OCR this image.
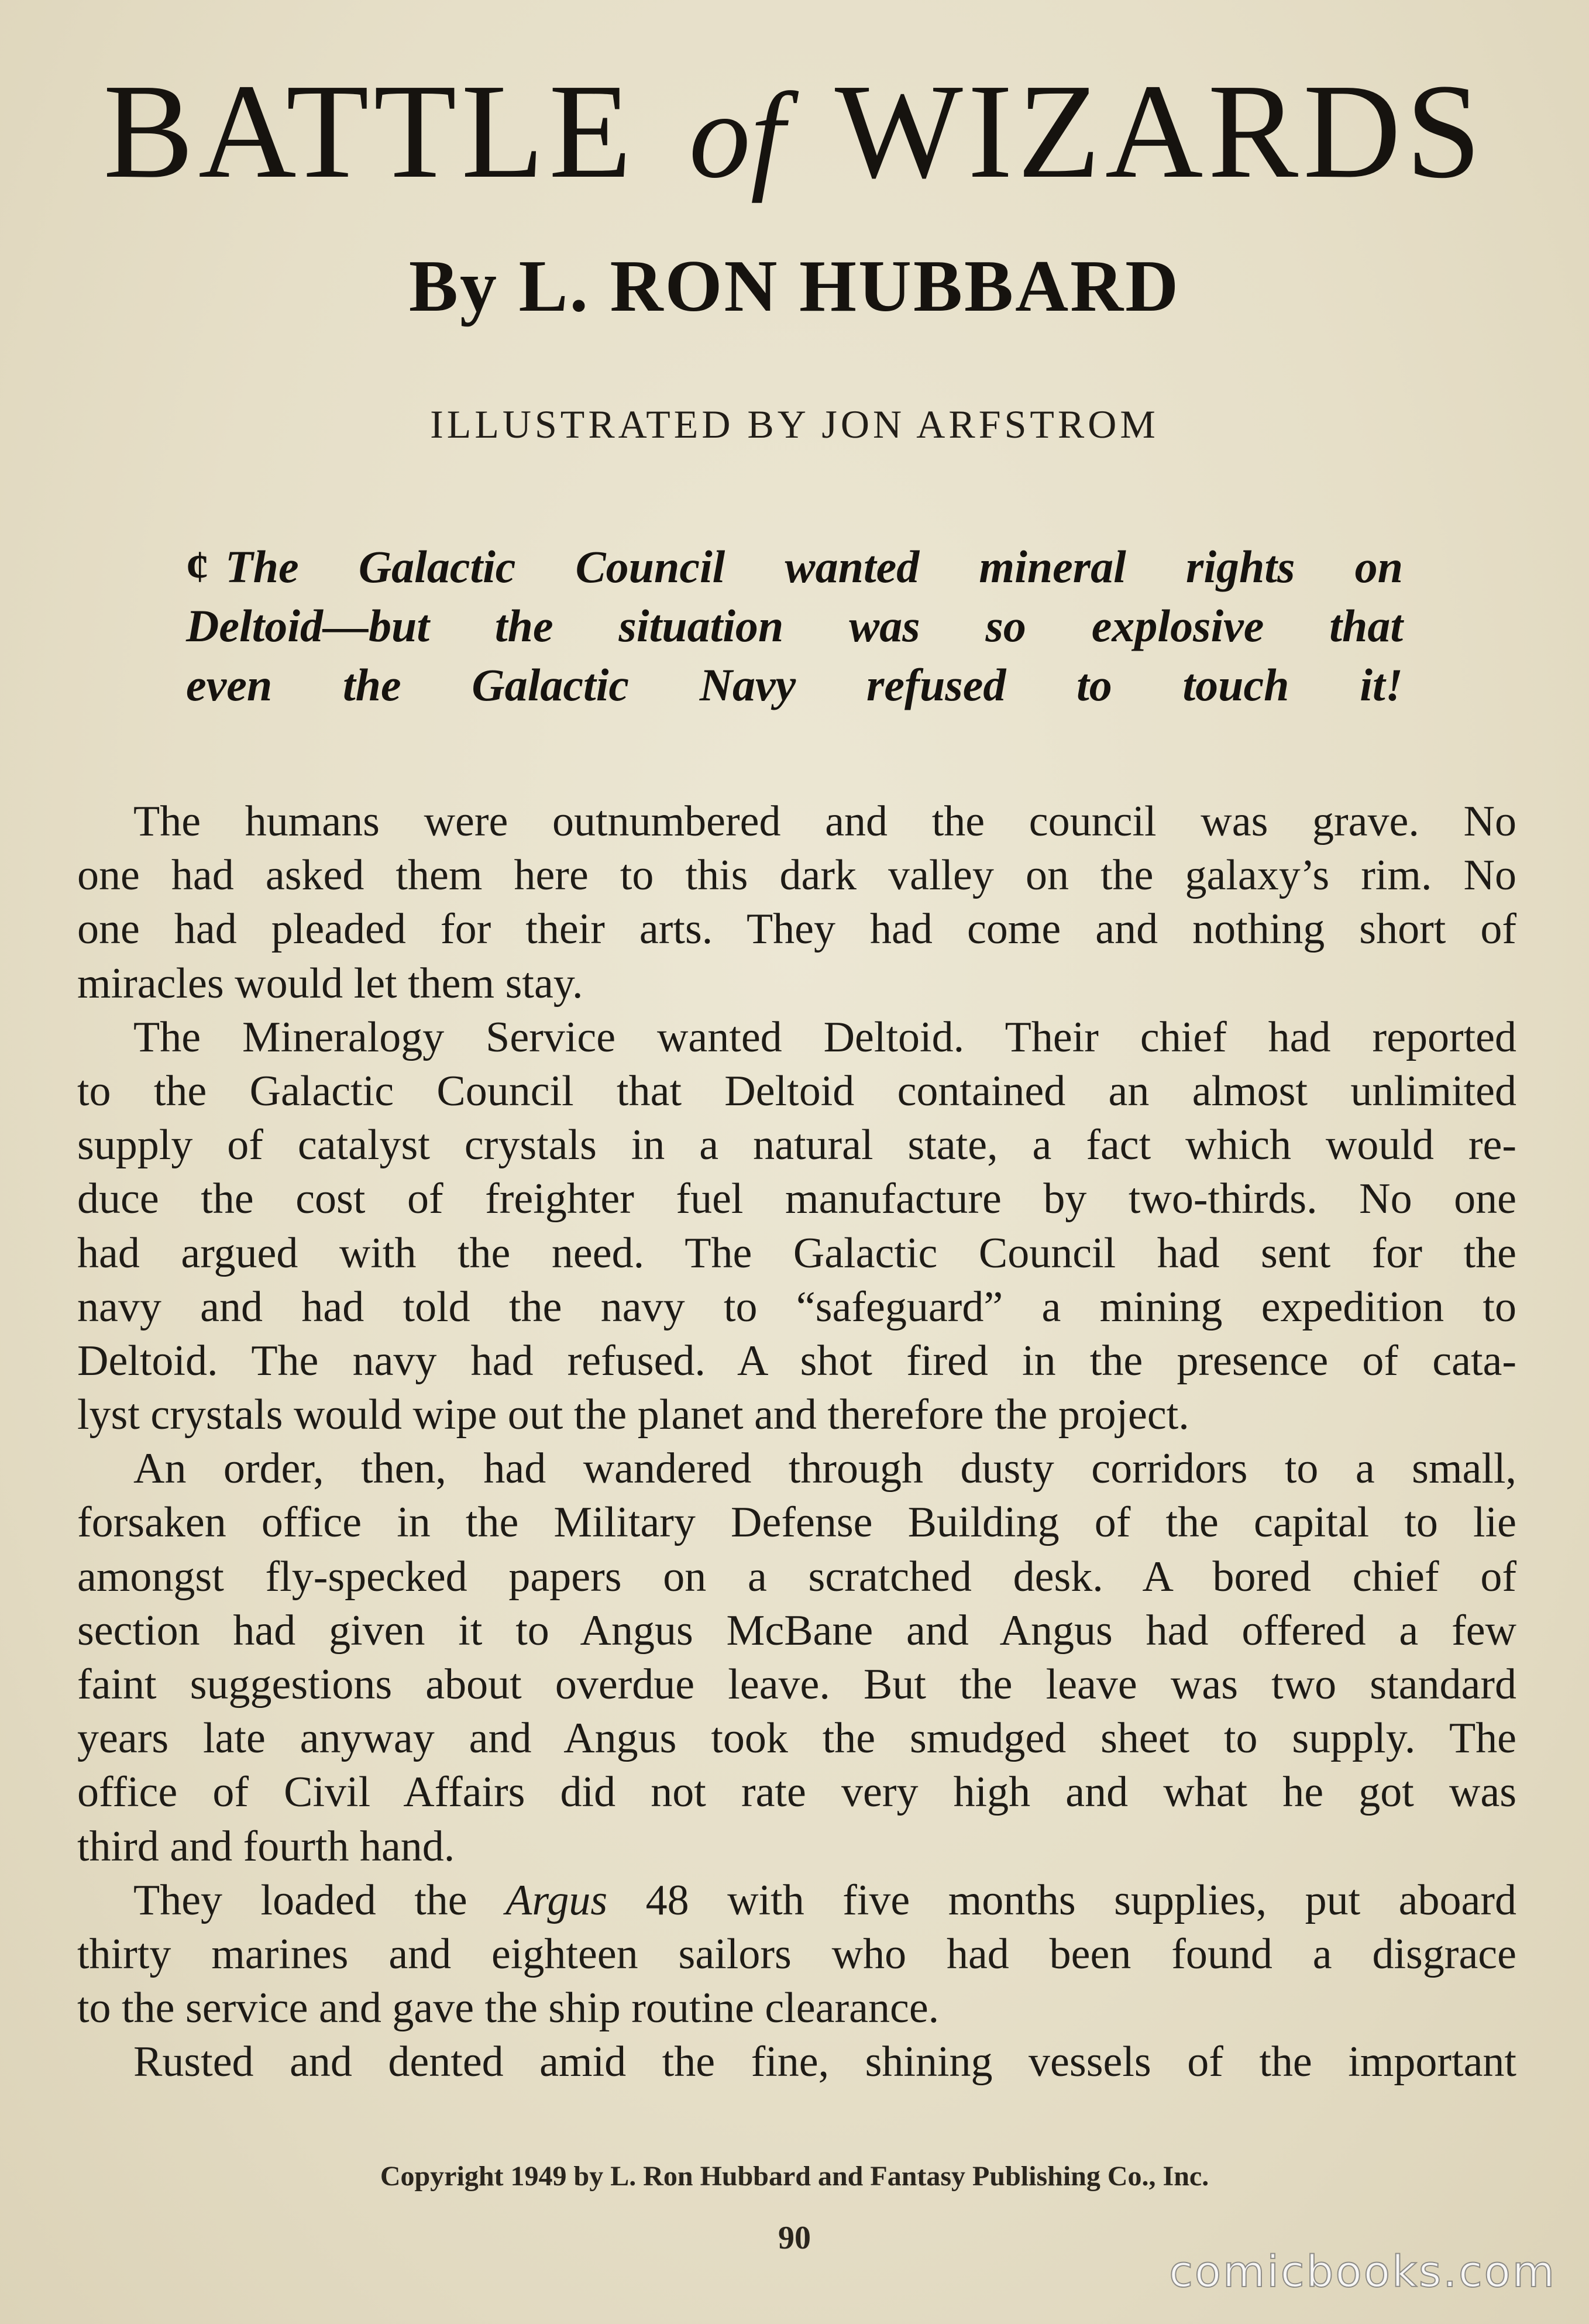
BATTLE of WIZARDS
By L. RON HUBBARD
ILLUSTRATED BY JON ARFSTROM
¢ The Galactic Council wanted mineral rights on
Deltoid—but the situation was so explosive that
even the Galactic Navy refused to touch it!
The humans were outnumbered and the council was grave. No
one had asked them here to this dark valley on the galaxy’s rim. No
one had pleaded for their arts. They had come and nothing short of
miracles would let them stay.
The Mineralogy Service wanted Deltoid. Their chief had reported
to the Galactic Council that Deltoid contained an almost unlimited
supply of catalyst crystals in a natural state, a fact which would re-
duce the cost of freighter fuel manufacture by two-thirds. No one
had argued with the need. The Galactic Council had sent for the
navy and had told the navy to “safeguard” a mining expedition to
Deltoid. The navy had refused. A shot fired in the presence of cata-
lyst crystals would wipe out the planet and therefore the project.
An order, then, had wandered through dusty corridors to a small,
forsaken office in the Military Defense Building of the capital to lie
amongst fly-specked papers on a scratched desk. A bored chief of
section had given it to Angus McBane and Angus had offered a few
faint suggestions about overdue leave. But the leave was two standard
years late anyway and Angus took the smudged sheet to supply. The
office of Civil Affairs did not rate very high and what he got was
third and fourth hand.
They loaded the Argus 48 with five months supplies, put aboard
thirty marines and eighteen sailors who had been found a disgrace
to the service and gave the ship routine clearance.
Rusted and dented amid the fine, shining vessels of the important
Copyright 1949 by L. Ron Hubbard and Fantasy Publishing Co., Inc.
90
comicbooks.com
